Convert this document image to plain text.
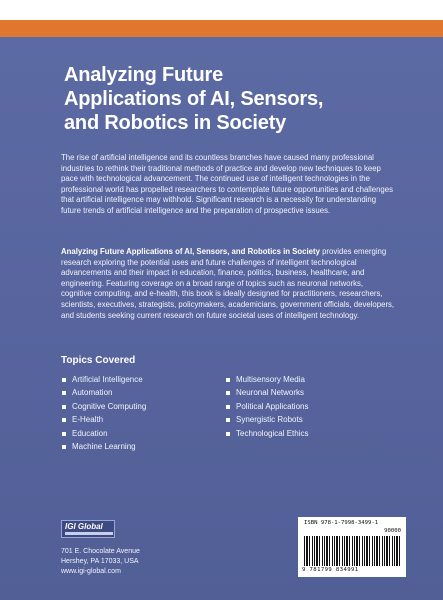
Analyzing Future
Applications of AI, Sensors,
and Robotics in Society

The rise of artificial intelligence and its countless branches have caused many professional industries to rethink their traditional methods of practice and develop new techniques to keep pace with technological advancement. The continued use of intelligent technologies in the professional world has propelled researchers to contemplate future opportunities and challenges that artificial intelligence may withhold. Significant research is a necessity for understanding future trends of artificial intelligence and the preparation of prospective issues.

Analyzing Future Applications of AI, Sensors, and Robotics in Society provides emerging research exploring the potential uses and future challenges of intelligent technological advancements and their impact in education, finance, politics, business, healthcare, and engineering. Featuring coverage on a broad range of topics such as neuronal networks, cognitive computing, and e-health, this book is ideally designed for practitioners, researchers, scientists, executives, strategists, policymakers, academicians, government officials, developers, and students seeking current research on future societal uses of intelligent technology.

Topics Covered
Artificial Intelligence
Automation
Cognitive Computing
E-Health
Education
Machine Learning
Multisensory Media
Neuronal Networks
Political Applications
Synergistic Robots
Technological Ethics
IGI Global
701 E. Chocolate Avenue
Hershey, PA 17033, USA
www.igi-global.com
ISBN 978-1-7998-3499-1
90000
9 781799 834991
